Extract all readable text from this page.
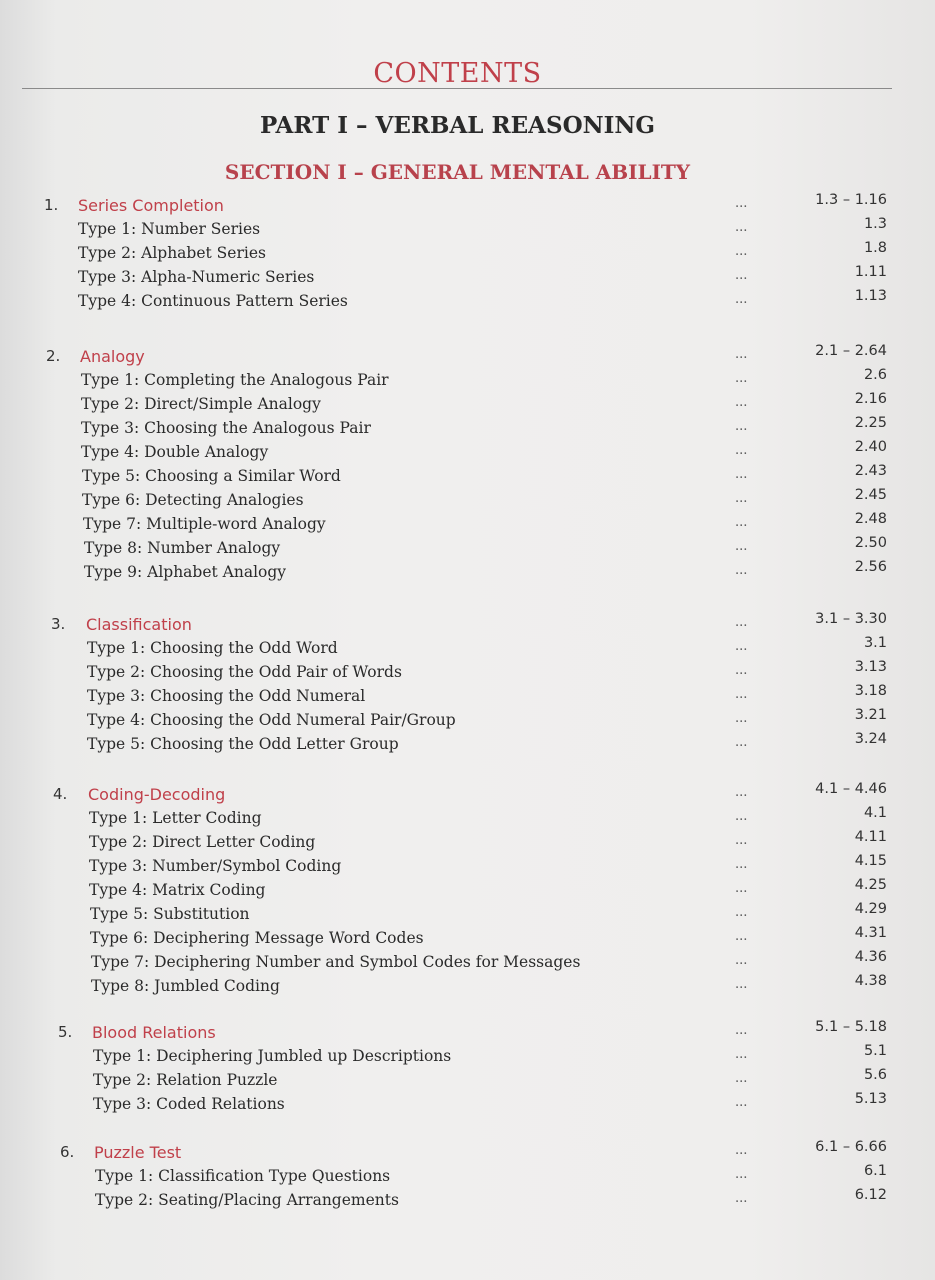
CONTENTS
PART I – VERBAL REASONING
SECTION I – GENERAL MENTAL ABILITY
1. Series Completion	...	1.3 – 1.16
Type 1: Number Series	...	1.3
Type 2: Alphabet Series	...	1.8
Type 3: Alpha-Numeric Series	...	1.11
Type 4: Continuous Pattern Series	...	1.13
2. Analogy	...	2.1 – 2.64
Type 1: Completing the Analogous Pair	...	2.6
Type 2: Direct/Simple Analogy	...	2.16
Type 3: Choosing the Analogous Pair	...	2.25
Type 4: Double Analogy	...	2.40
Type 5: Choosing a Similar Word	...	2.43
Type 6: Detecting Analogies	...	2.45
Type 7: Multiple-word Analogy	...	2.48
Type 8: Number Analogy	...	2.50
Type 9: Alphabet Analogy	...	2.56
3. Classification	...	3.1 – 3.30
Type 1: Choosing the Odd Word	...	3.1
Type 2: Choosing the Odd Pair of Words	...	3.13
Type 3: Choosing the Odd Numeral	...	3.18
Type 4: Choosing the Odd Numeral Pair/Group	...	3.21
Type 5: Choosing the Odd Letter Group	...	3.24
4. Coding-Decoding	...	4.1 – 4.46
Type 1: Letter Coding	...	4.1
Type 2: Direct Letter Coding	...	4.11
Type 3: Number/Symbol Coding	...	4.15
Type 4: Matrix Coding	...	4.25
Type 5: Substitution	...	4.29
Type 6: Deciphering Message Word Codes	...	4.31
Type 7: Deciphering Number and Symbol Codes for Messages	...	4.36
Type 8: Jumbled Coding	...	4.38
5. Blood Relations	...	5.1 – 5.18
Type 1: Deciphering Jumbled up Descriptions	...	5.1
Type 2: Relation Puzzle	...	5.6
Type 3: Coded Relations	...	5.13
6. Puzzle Test	...	6.1 – 6.66
Type 1: Classification Type Questions	...	6.1
Type 2: Seating/Placing Arrangements	...	6.12
